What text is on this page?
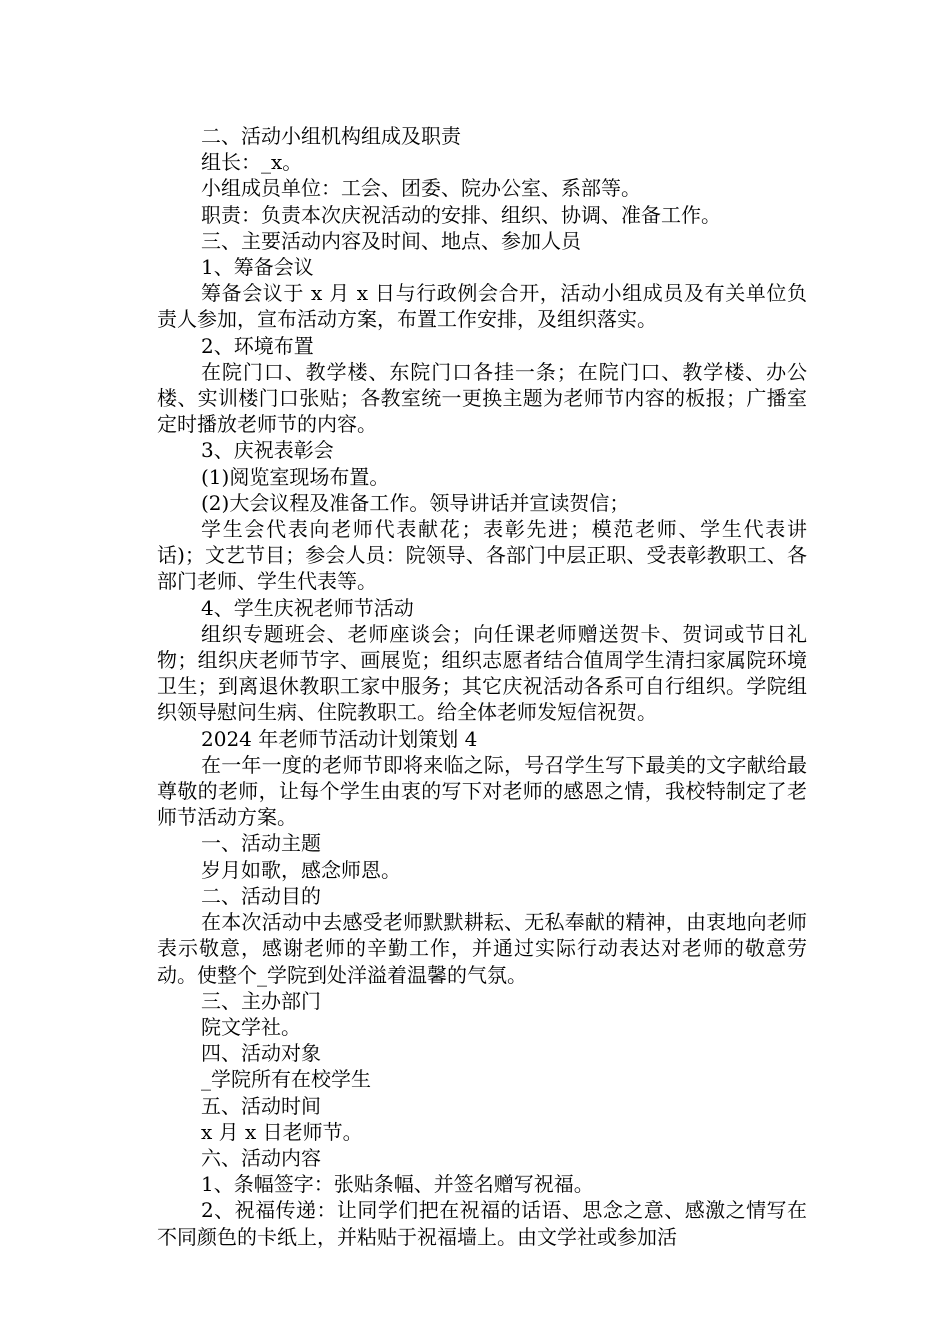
二、活动小组机构组成及职责

组长：_x。

小组成员单位：工会、团委、院办公室、系部等。

职责：负责本次庆祝活动的安排、组织、协调、准备工作。

三、主要活动内容及时间、地点、参加人员

1、筹备会议

筹备会议于 x 月 x 日与行政例会合开，活动小组成员及有关单位负责人参加，宣布活动方案，布置工作安排，及组织落实。

2、环境布置

在院门口、教学楼、东院门口各挂一条；在院门口、教学楼、办公楼、实训楼门口张贴；各教室统一更换主题为老师节内容的板报；广播室定时播放老师节的内容。

3、庆祝表彰会

(1)阅览室现场布置。

(2)大会议程及准备工作。领导讲话并宣读贺信；

学生会代表向老师代表献花；表彰先进；模范老师、学生代表讲话)；文艺节目；参会人员：院领导、各部门中层正职、受表彰教职工、各部门老师、学生代表等。

4、学生庆祝老师节活动

组织专题班会、老师座谈会；向任课老师赠送贺卡、贺词或节日礼物；组织庆老师节字、画展览；组织志愿者结合值周学生清扫家属院环境卫生；到离退休教职工家中服务；其它庆祝活动各系可自行组织。学院组织领导慰问生病、住院教职工。给全体老师发短信祝贺。

2024 年老师节活动计划策划 4

在一年一度的老师节即将来临之际，号召学生写下最美的文字献给最尊敬的老师，让每个学生由衷的写下对老师的感恩之情，我校特制定了老师节活动方案。

一、活动主题

岁月如歌，感念师恩。

二、活动目的

在本次活动中去感受老师默默耕耘、无私奉献的精神，由衷地向老师表示敬意，感谢老师的辛勤工作，并通过实际行动表达对老师的敬意劳动。使整个_学院到处洋溢着温馨的气氛。

三、主办部门

院文学社。

四、活动对象

_学院所有在校学生

五、活动时间

x 月 x 日老师节。

六、活动内容

1、条幅签字：张贴条幅、并签名赠写祝福。

2、祝福传递：让同学们把在祝福的话语、思念之意、感激之情写在不同颜色的卡纸上，并粘贴于祝福墙上。由文学社或参加活
